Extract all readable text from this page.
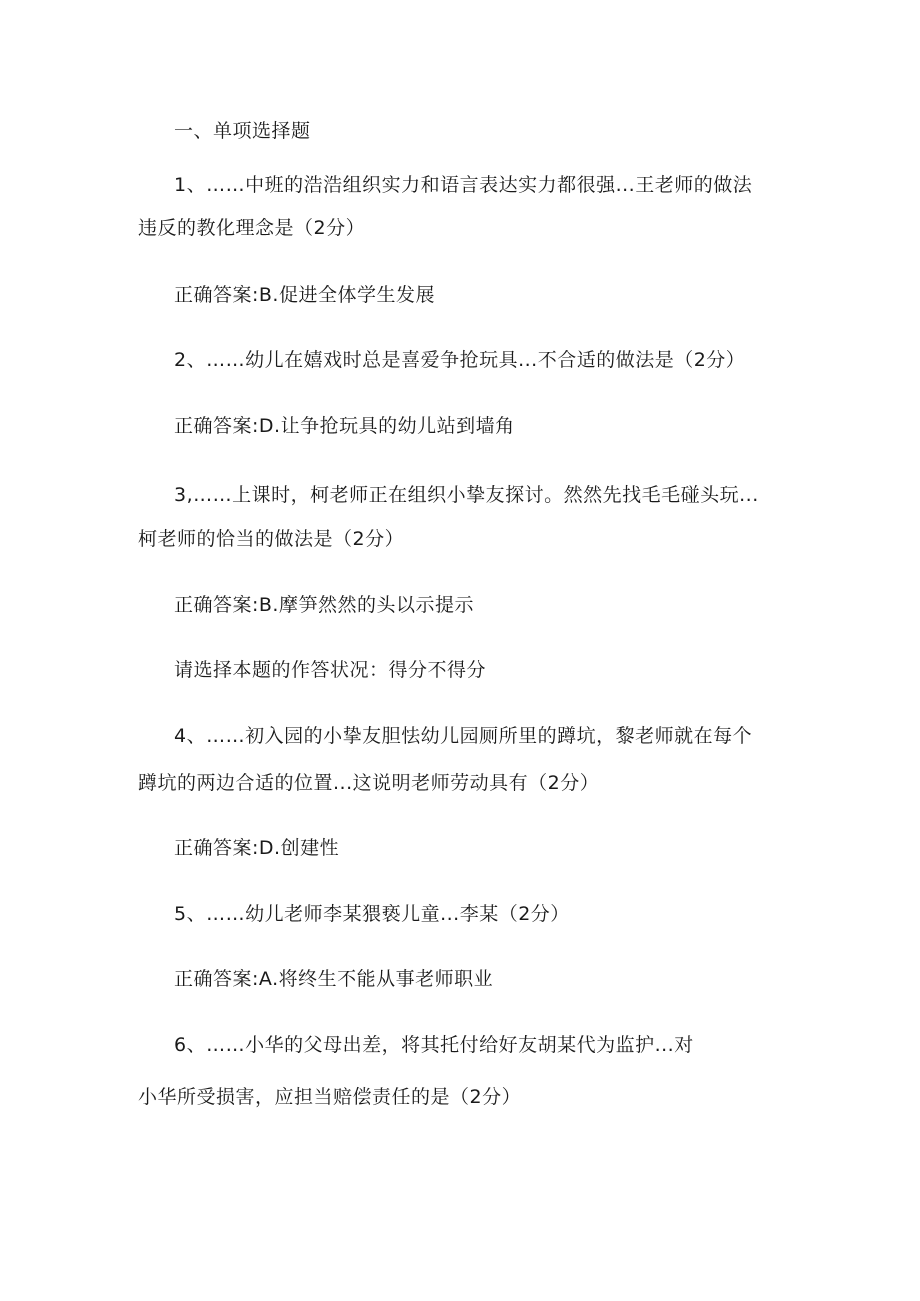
一、单项选择题
1、……中班的浩浩组织实力和语言表达实力都很强...王老师的做法
违反的教化理念是（2分）
正确答案:B.促进全体学生发展
2、……幼儿在嬉戏时总是喜爱争抢玩具...不合适的做法是（2分）
正确答案:D.让争抢玩具的幼儿站到墙角
3,……上课时，柯老师正在组织小挚友探讨。然然先找毛毛碰头玩...
柯老师的恰当的做法是（2分）
正确答案:B.摩笋然然的头以示提示
请选择本题的作答状况：得分不得分
4、……初入园的小挚友胆怯幼儿园厕所里的蹲坑，黎老师就在每个
蹲坑的两边合适的位置...这说明老师劳动具有（2分）
正确答案:D.创建性
5、……幼儿老师李某猥亵儿童...李某（2分）
正确答案:A.将终生不能从事老师职业
6、……小华的父母出差，将其托付给好友胡某代为监护...对
小华所受损害，应担当赔偿责任的是（2分）
